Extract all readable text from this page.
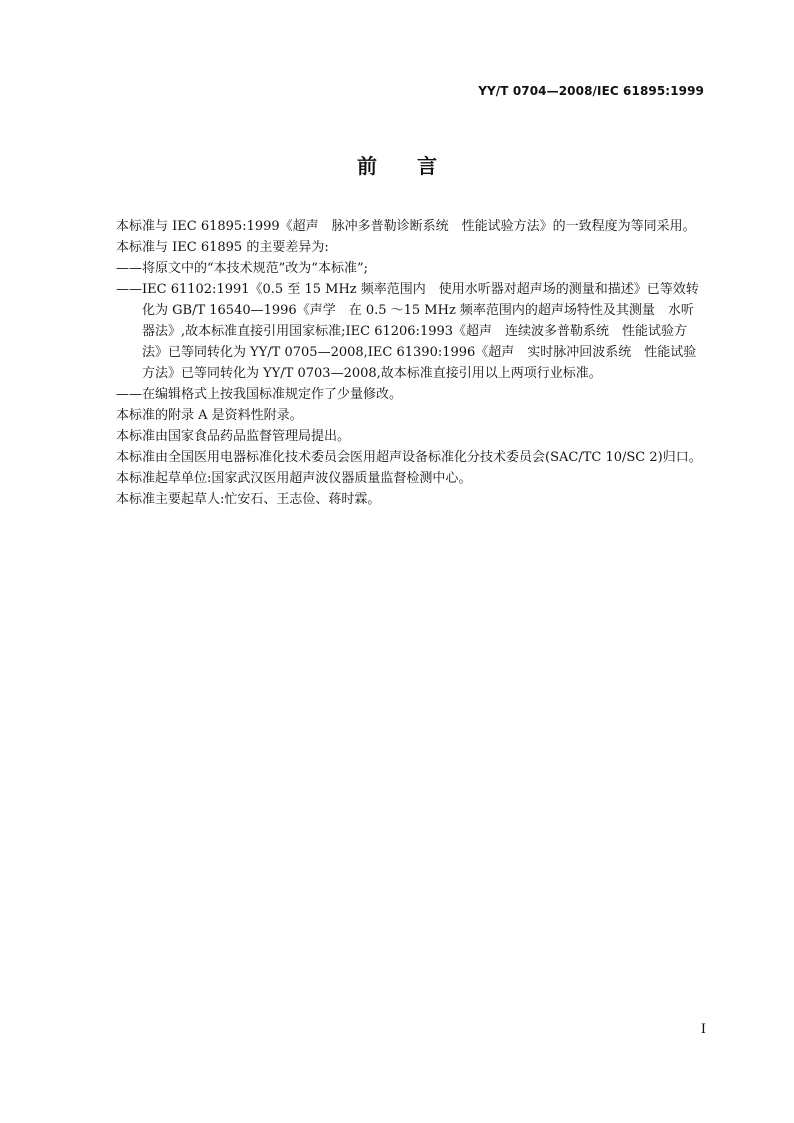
YY/T 0704—2008/IEC 61895:1999
前言

本标准与 IEC 61895:1999《超声　脉冲多普勒诊断系统　性能试验方法》的一致程度为等同采用。

本标准与 IEC 61895 的主要差异为:

——将原文中的“本技术规范”改为“本标准”;

——IEC 61102:1991《0.5 至 15 MHz 频率范围内　使用水听器对超声场的测量和描述》已等效转化为 GB/T 16540—1996《声学　在 0.5 ～15 MHz 频率范围内的超声场特性及其测量　水听器法》,故本标准直接引用国家标准;IEC 61206:1993《超声　连续波多普勒系统　性能试验方法》已等同转化为 YY/T 0705—2008,IEC 61390:1996《超声　实时脉冲回波系统　性能试验方法》已等同转化为 YY/T 0703—2008,故本标准直接引用以上两项行业标准。

——在编辑格式上按我国标准规定作了少量修改。

本标准的附录 A 是资料性附录。

本标准由国家食品药品监督管理局提出。

本标准由全国医用电器标准化技术委员会医用超声设备标准化分技术委员会(SAC/TC 10/SC 2)归口。

本标准起草单位:国家武汉医用超声波仪器质量监督检测中心。

本标准主要起草人:忙安石、王志俭、蒋时霖。

I
